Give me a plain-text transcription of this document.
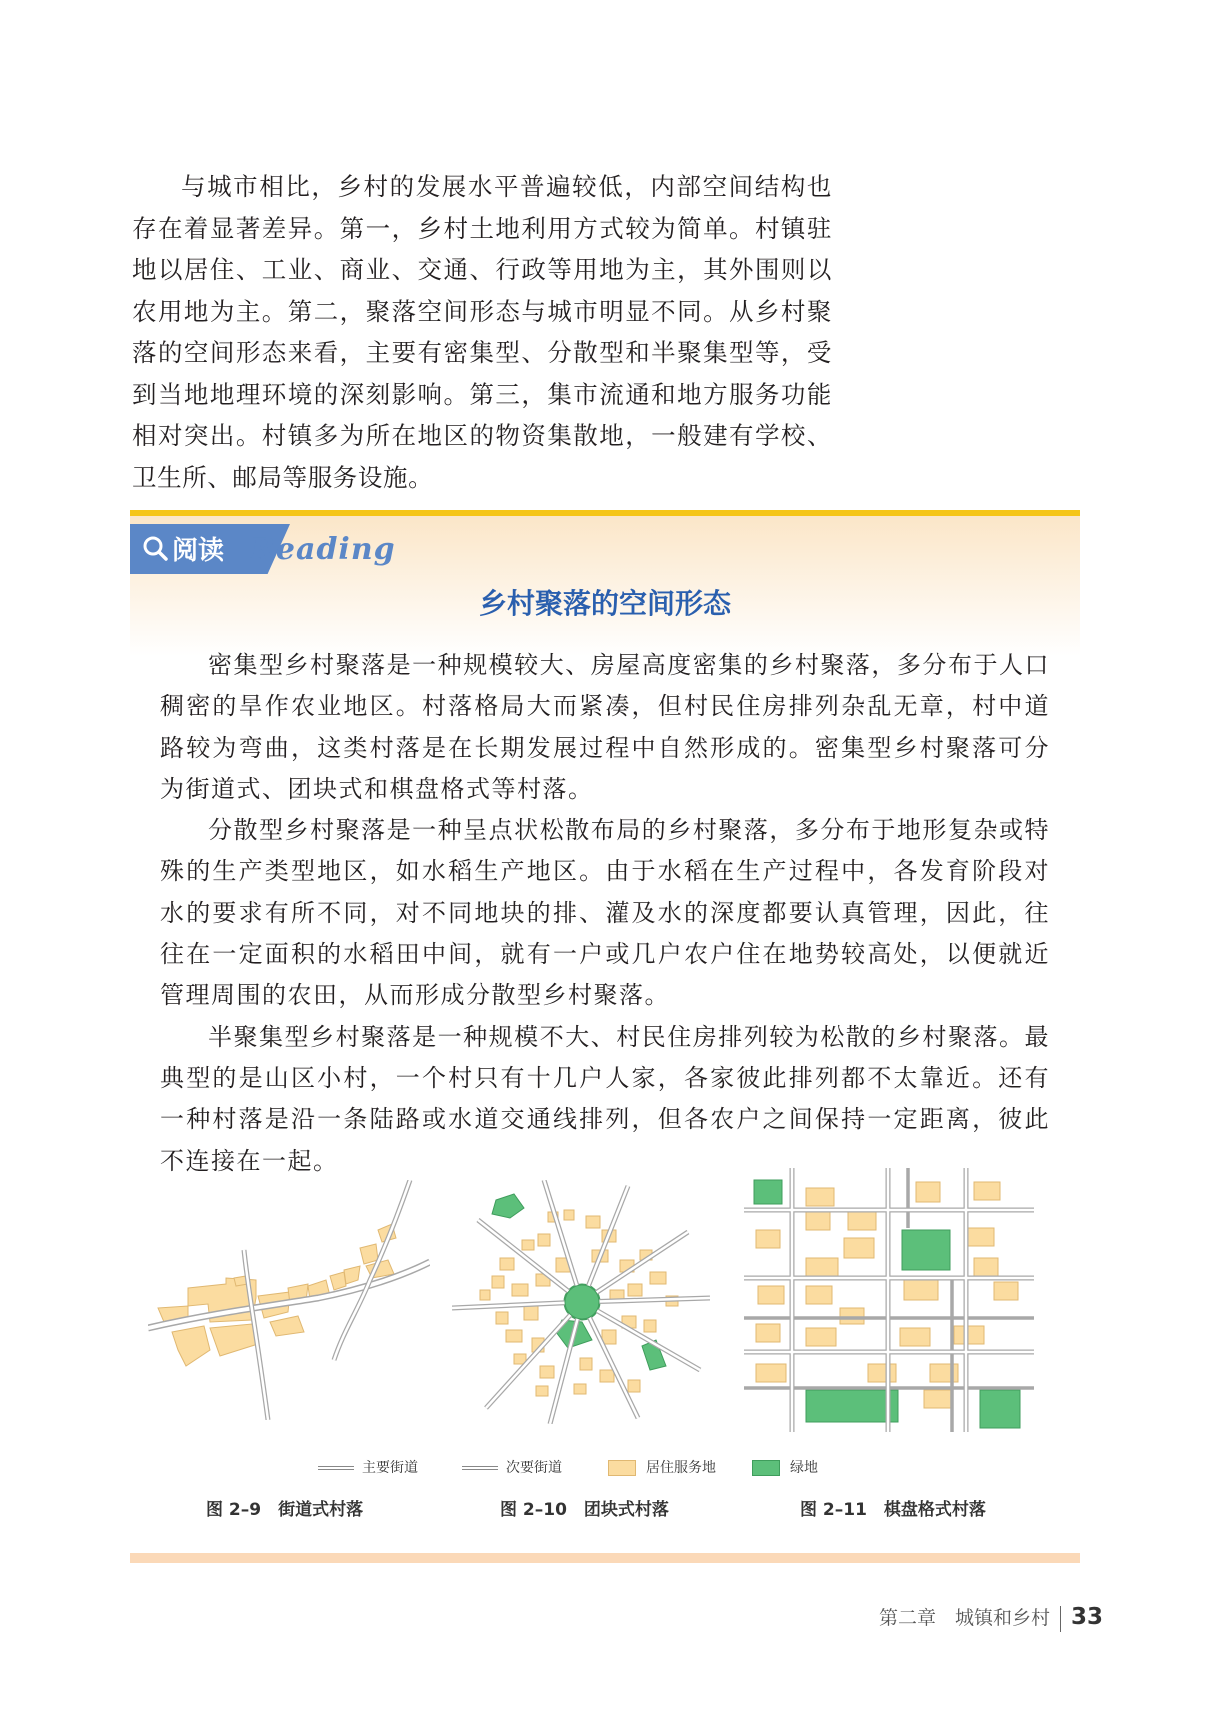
与城市相比，乡村的发展水平普遍较低，内部空间结构也存在着显著差异。第一，乡村土地利用方式较为简单。村镇驻地以居住、工业、商业、交通、行政等用地为主，其外围则以农用地为主。第二，聚落空间形态与城市明显不同。从乡村聚落的空间形态来看，主要有密集型、分散型和半聚集型等，受到当地地理环境的深刻影响。第三，集市流通和地方服务功能相对突出。村镇多为所在地区的物资集散地，一般建有学校、卫生所、邮局等服务设施。

阅读 Reading
乡村聚落的空间形态

密集型乡村聚落是一种规模较大、房屋高度密集的乡村聚落，多分布于人口稠密的旱作农业地区。村落格局大而紧凑，但村民住房排列杂乱无章，村中道路较为弯曲，这类村落是在长期发展过程中自然形成的。密集型乡村聚落可分为街道式、团块式和棋盘格式等村落。

分散型乡村聚落是一种呈点状松散布局的乡村聚落，多分布于地形复杂或特殊的生产类型地区，如水稻生产地区。由于水稻在生产过程中，各发育阶段对水的要求有所不同，对不同地块的排、灌及水的深度都要认真管理，因此，往往在一定面积的水稻田中间，就有一户或几户农户住在地势较高处，以便就近管理周围的农田，从而形成分散型乡村聚落。

半聚集型乡村聚落是一种规模不大、村民住房排列较为松散的乡村聚落。最典型的是山区小村，一个村只有十几户人家，各家彼此排列都不太靠近。还有一种村落是沿一条陆路或水道交通线排列，但各农户之间保持一定距离，彼此不连接在一起。

主要街道	次要街道	居住服务地	绿地
图 2–9　街道式村落	图 2–10　团块式村落	图 2–11　棋盘格式村落
第二章　城镇和乡村 33
